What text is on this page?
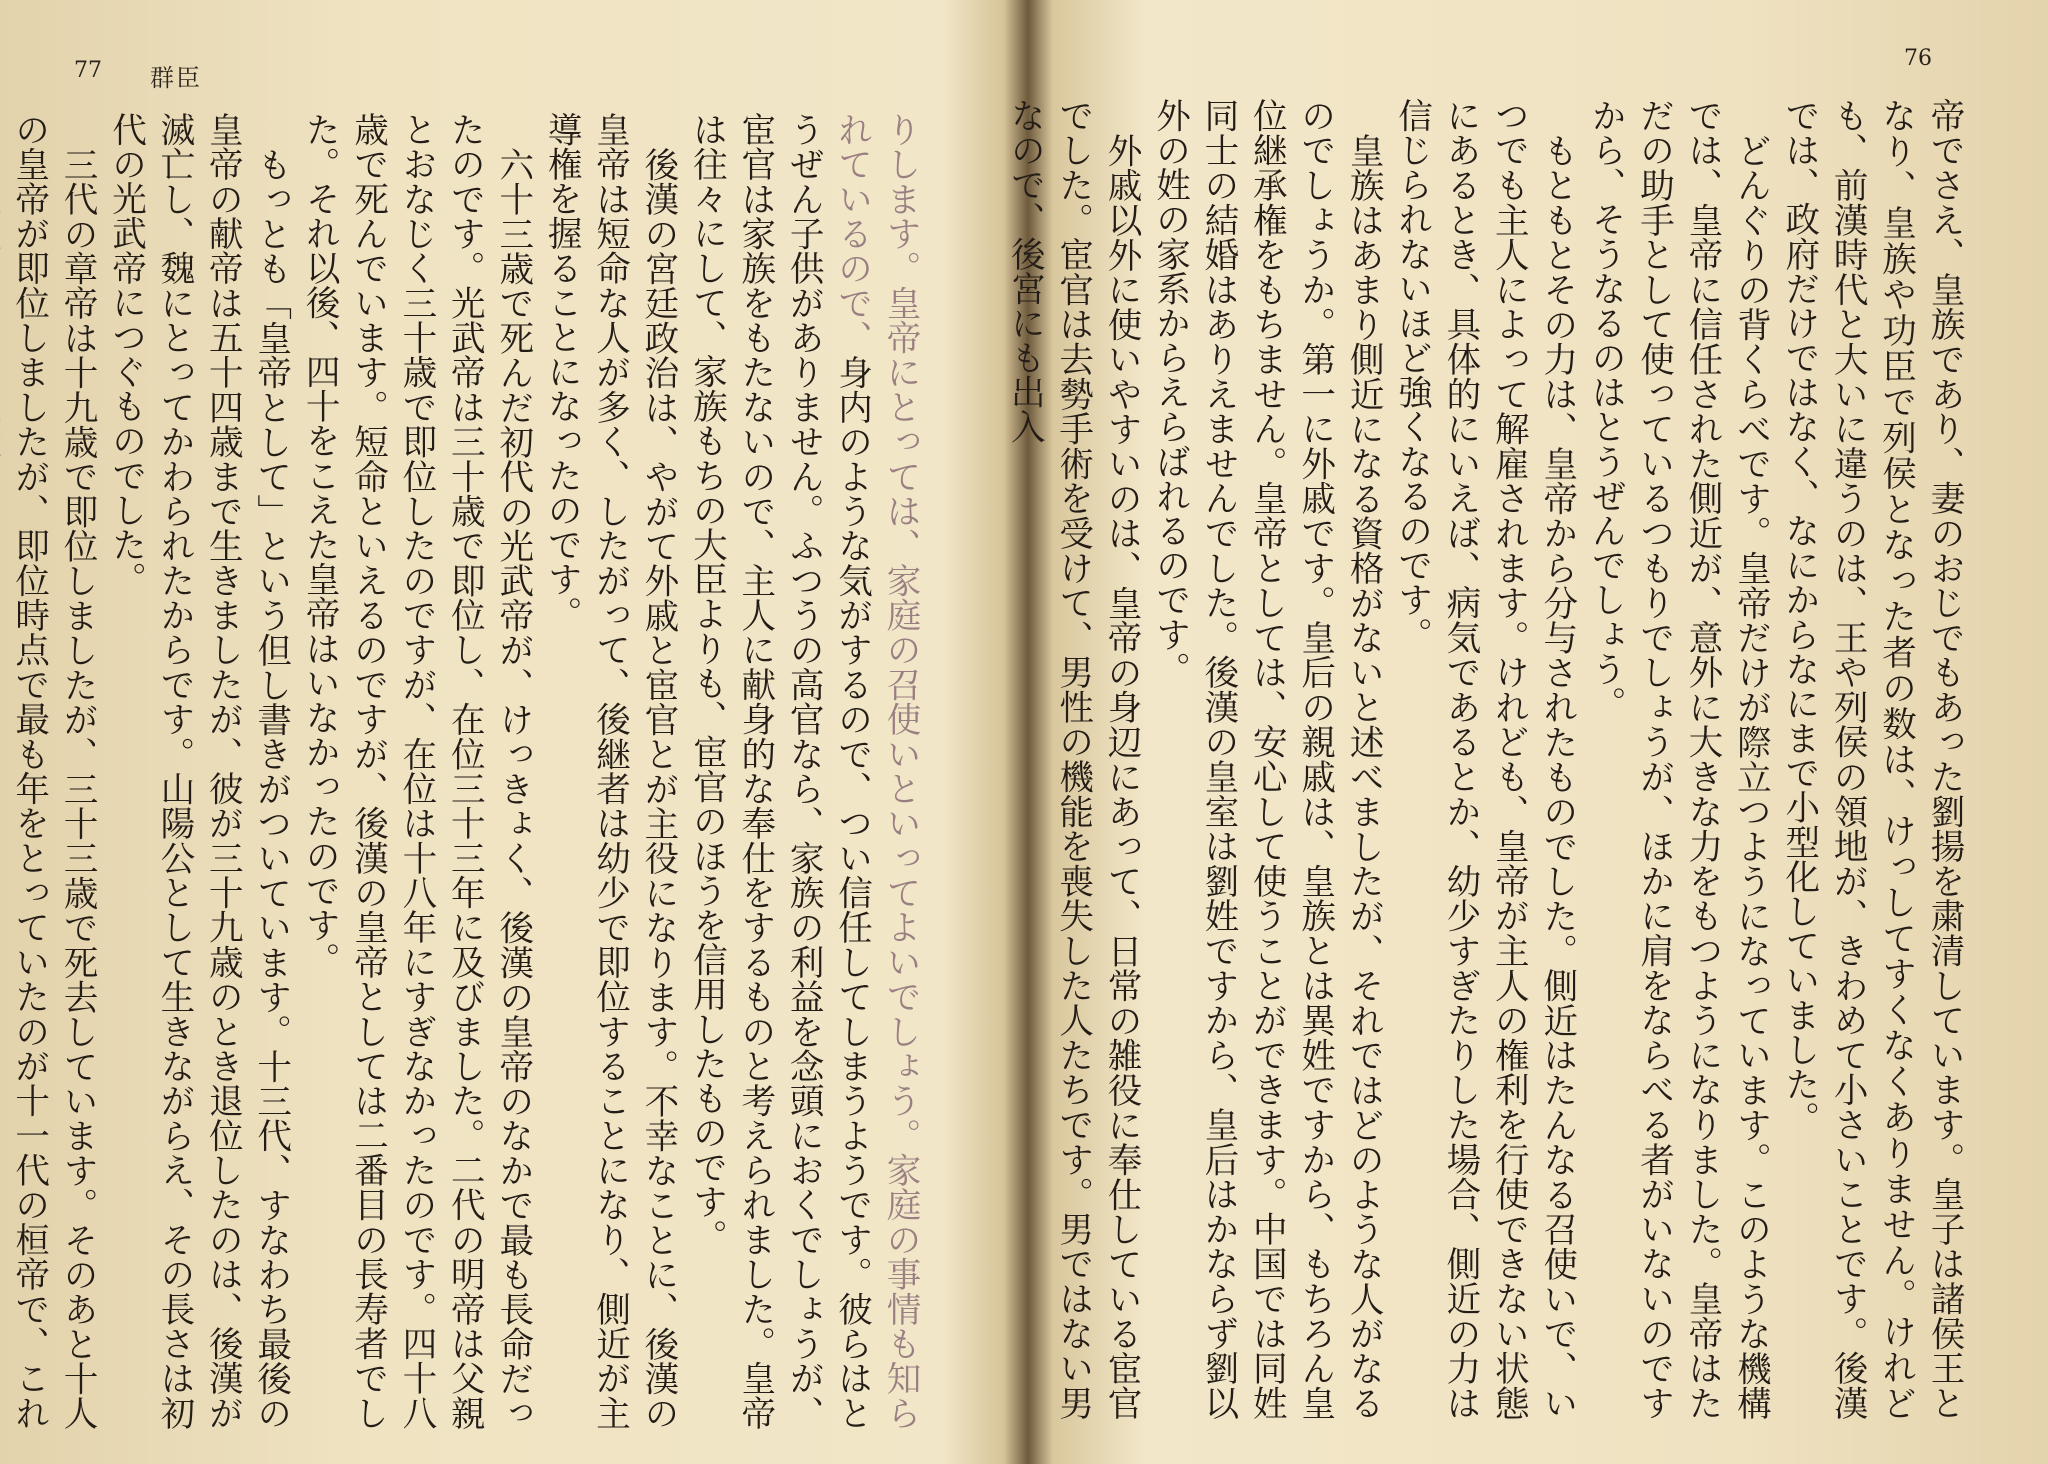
77 群臣

りします。皇帝にとっては、家庭の召使いといってよいでしょう。家庭の事情も知られているので、身内のような気がするので、つい信任してしまうようです。彼らはとうぜん子供がありません。ふつうの高官なら、家族の利益を念頭におくでしょうが、宦官は家族をもたないので、主人に献身的な奉仕をするものと考えられました。皇帝は往々にして、家族もちの大臣よりも、宦官のほうを信用したものです。

後漢の宮廷政治は、やがて外戚と宦官とが主役になります。不幸なことに、後漢の皇帝は短命な人が多く、したがって、後継者は幼少で即位することになり、側近が主導権を握ることになったのです。

六十三歳で死んだ初代の光武帝が、けっきょく、後漢の皇帝のなかで最も長命だったのです。光武帝は三十歳で即位し、在位三十三年に及びました。二代の明帝は父親とおなじく三十歳で即位したのですが、在位は十八年にすぎなかったのです。四十八歳で死んでいます。短命といえるのですが、後漢の皇帝としては二番目の長寿者でした。それ以後、四十をこえた皇帝はいなかったのです。

もっとも「皇帝として」という但し書きがついています。十三代、すなわち最後の皇帝の献帝は五十四歳まで生きましたが、彼が三十九歳のとき退位したのは、後漢が滅亡し、魏にとってかわられたからです。山陽公として生きながらえ、その長さは初代の光武帝につぐものでした。

三代の章帝は十九歳で即位しましたが、三十三歳で死去しています。そのあと十人の皇帝が即位しましたが、即位時点で最も年をとっていたのが十一代の桓帝で、これ

76

帝でさえ、皇族であり、妻のおじでもあった劉揚を粛清しています。皇子は諸侯王となり、皇族や功臣で列侯となった者の数は、けっしてすくなくありません。けれども、前漢時代と大いに違うのは、王や列侯の領地が、きわめて小さいことです。後漢では、政府だけではなく、なにからなにまで小型化していました。

どんぐりの背くらべです。皇帝だけが際立つようになっています。このような機構では、皇帝に信任された側近が、意外に大きな力をもつようになりました。皇帝はただの助手として使っているつもりでしょうが、ほかに肩をならべる者がいないのですから、そうなるのはとうぜんでしょう。

もともとその力は、皇帝から分与されたものでした。側近はたんなる召使いで、いつでも主人によって解雇されます。けれども、皇帝が主人の権利を行使できない状態にあるとき、具体的にいえば、病気であるとか、幼少すぎたりした場合、側近の力は信じられないほど強くなるのです。

皇族はあまり側近になる資格がないと述べましたが、それではどのような人がなるのでしょうか。第一に外戚です。皇后の親戚は、皇族とは異姓ですから、もちろん皇位継承権をもちません。皇帝としては、安心して使うことができます。中国では同姓同士の結婚はありえませんでした。後漢の皇室は劉姓ですから、皇后はかならず劉以外の姓の家系からえらばれるのです。

外戚以外に使いやすいのは、皇帝の身辺にあって、日常の雑役に奉仕している宦官でした。宦官は去勢手術を受けて、男性の機能を喪失した人たちです。男ではない男なので、後宮にも出入
